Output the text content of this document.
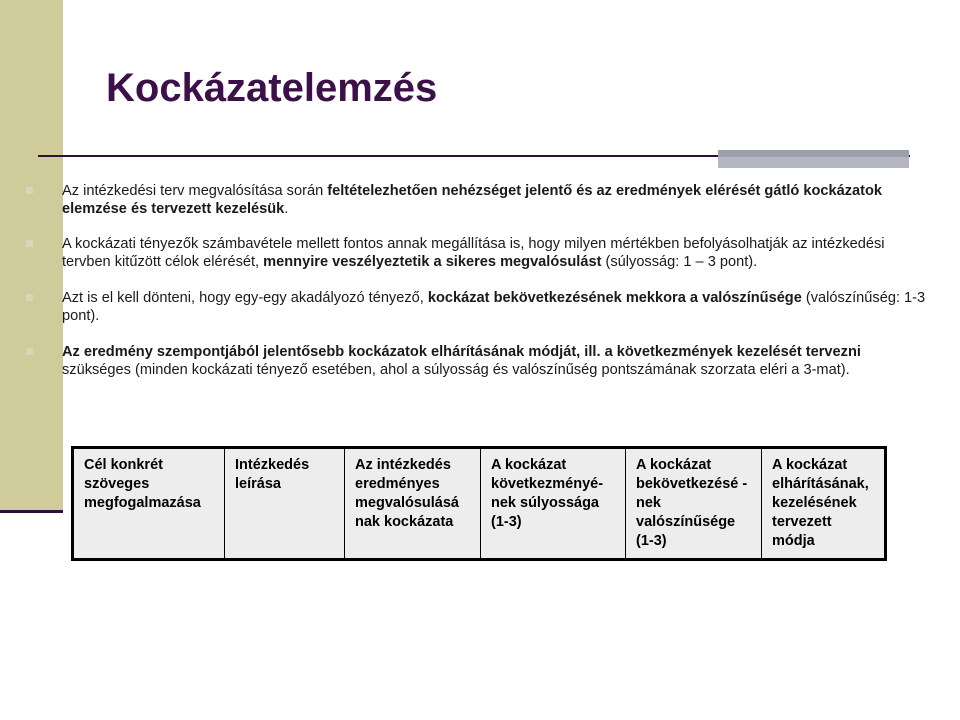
Kockázatelemzés
Az intézkedési terv megvalósítása során feltételezhetően nehézséget jelentő és az eredmények elérését gátló kockázatok elemzése és tervezett kezelésük.
A kockázati tényezők számbavétele mellett fontos annak megállítása is, hogy milyen mértékben befolyásolhatják az intézkedési tervben kitűzött célok elérését, mennyire veszélyeztetik a sikeres megvalósulást (súlyosság: 1 – 3 pont).
Azt is el kell dönteni, hogy egy-egy akadályozó tényező, kockázat bekövetkezésének mekkora a valószínűsége (valószínűség: 1-3 pont).
Az eredmény szempontjából jelentősebb kockázatok elhárításának módját, ill. a következmények kezelését tervezni szükséges (minden kockázati tényező esetében, ahol a súlyosság és valószínűség pontszámának szorzata eléri a 3-mat).
Cél konkrét szöveges megfogalmazása	Intézkedés leírása	Az intézkedés eredményes megvalósulásá nak kockázata	A kockázat következményé-nek súlyossága (1-3)	A kockázat bekövetkezésé -nek valószínűsége (1-3)	A kockázat elhárításának, kezelésének tervezett módja
